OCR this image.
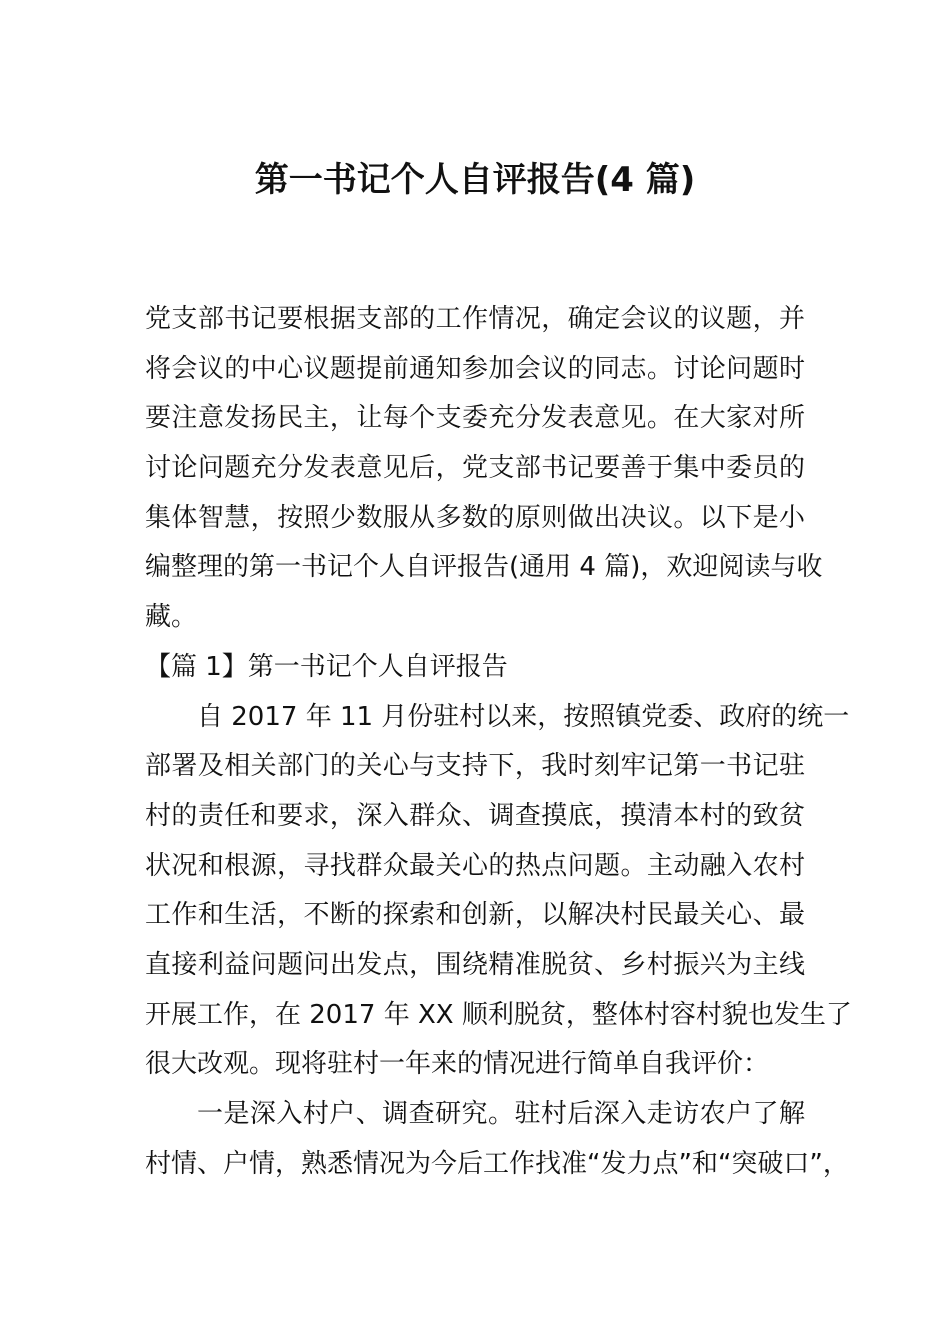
第一书记个人自评报告(4 篇)
党支部书记要根据支部的工作情况，确定会议的议题，并
将会议的中心议题提前通知参加会议的同志。讨论问题时
要注意发扬民主，让每个支委充分发表意见。在大家对所
讨论问题充分发表意见后，党支部书记要善于集中委员的
集体智慧，按照少数服从多数的原则做出决议。以下是小
编整理的第一书记个人自评报告(通用 4 篇)，欢迎阅读与收
藏。
【篇 1】第一书记个人自评报告
自 2017 年 11 月份驻村以来，按照镇党委、政府的统一
部署及相关部门的关心与支持下，我时刻牢记第一书记驻
村的责任和要求，深入群众、调查摸底，摸清本村的致贫
状况和根源，寻找群众最关心的热点问题。主动融入农村
工作和生活，不断的探索和创新，以解决村民最关心、最
直接利益问题问出发点，围绕精准脱贫、乡村振兴为主线
开展工作，在 2017 年 XX 顺利脱贫，整体村容村貌也发生了
很大改观。现将驻村一年来的情况进行简单自我评价：
一是深入村户、调查研究。驻村后深入走访农户了解
村情、户情，熟悉情况为今后工作找准“发力点”和“突破口”，
